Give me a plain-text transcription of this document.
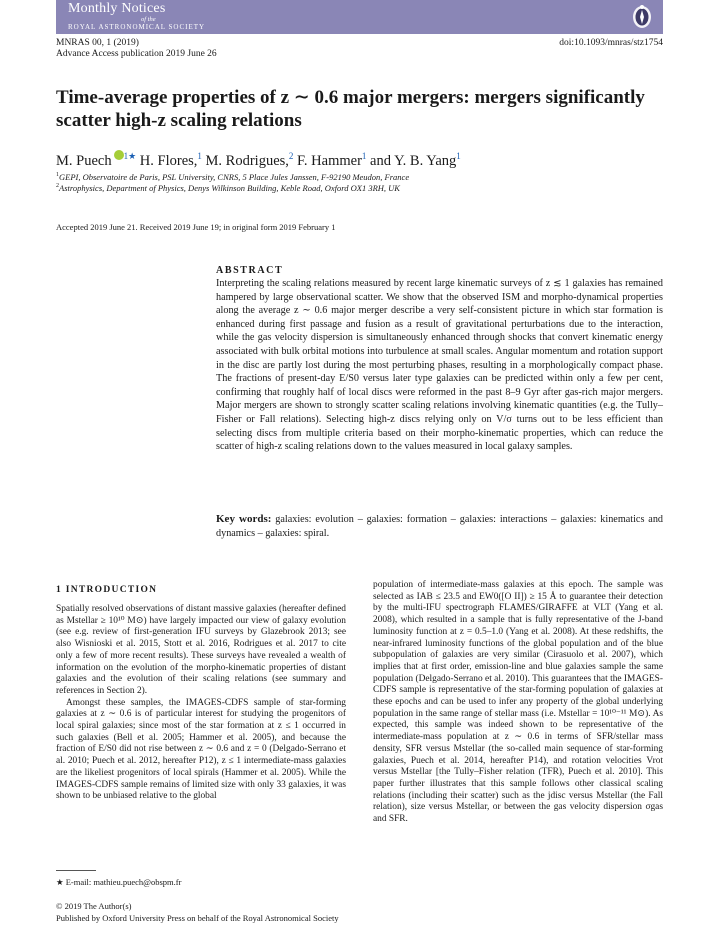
Monthly Notices
of the
ROYAL ASTRONOMICAL SOCIETY
MNRAS 00, 1 (2019)
Advance Access publication 2019 June 26
doi:10.1093/mnras/stz1754
Time-average properties of z ∼ 0.6 major mergers: mergers significantly scatter high-z scaling relations
M. Puech $^{1★}$ H. Flores,$^1$ M. Rodrigues,$^2$ F. Hammer$^1$ and Y. B. Yang$^1$
$^1$GEPI, Observatoire de Paris, PSL University, CNRS, 5 Place Jules Janssen, F-92190 Meudon, France
$^2$Astrophysics, Department of Physics, Denys Wilkinson Building, Keble Road, Oxford OX1 3RH, UK
Accepted 2019 June 21. Received 2019 June 19; in original form 2019 February 1
ABSTRACT

Interpreting the scaling relations measured by recent large kinematic surveys of z ≲ 1 galaxies has remained hampered by large observational scatter. We show that the observed ISM and morpho-dynamical properties along the average z ∼ 0.6 major merger describe a very self-consistent picture in which star formation is enhanced during first passage and fusion as a result of gravitational perturbations due to the interaction, while the gas velocity dispersion is simultaneously enhanced through shocks that convert kinematic energy associated with bulk orbital motions into turbulence at small scales. Angular momentum and rotation support in the disc are partly lost during the most perturbing phases, resulting in a morphologically compact phase. The fractions of present-day E/S0 versus later type galaxies can be predicted within only a few per cent, confirming that roughly half of local discs were reformed in the past 8–9 Gyr after gas-rich major mergers. Major mergers are shown to strongly scatter scaling relations involving kinematic quantities (e.g. the Tully–Fisher or Fall relations). Selecting high-z discs relying only on V/σ turns out to be less efficient than selecting discs from multiple criteria based on their morpho-kinematic properties, which can reduce the scatter of high-z scaling relations down to the values measured in local galaxy samples.

Key words: galaxies: evolution – galaxies: formation – galaxies: interactions – galaxies: kinematics and dynamics – galaxies: spiral.

1 INTRODUCTION

Spatially resolved observations of distant massive galaxies (hereafter defined as Mstellar ≥ 10¹⁰ M⊙) have largely impacted our view of galaxy evolution (see e.g. review of first-generation IFU surveys by Glazebrook 2013; see also Wisnioski et al. 2015, Stott et al. 2016, Rodrigues et al. 2017 to cite only a few of more recent results). These surveys have revealed a wealth of information on the evolution of the morpho-kinematic properties of distant galaxies and the evolution of their scaling relations (see summary and references in Section 2).

Amongst these samples, the IMAGES-CDFS sample of star-forming galaxies at z ∼ 0.6 is of particular interest for studying the progenitors of local spiral galaxies; since most of the star formation at z ≤ 1 occurred in such galaxies (Bell et al. 2005; Hammer et al. 2005), and because the fraction of E/S0 did not rise between z ∼ 0.6 and z = 0 (Delgado-Serrano et al. 2010; Puech et al. 2012, hereafter P12), z ≤ 1 intermediate-mass galaxies are the likeliest progenitors of local spirals (Hammer et al. 2005). While the IMAGES-CDFS sample remains of limited size with only 33 galaxies, it was shown to be unbiased relative to the global

population of intermediate-mass galaxies at this epoch. The sample was selected as IAB ≤ 23.5 and EW0([O II]) ≥ 15 Å to guarantee their detection by the multi-IFU spectrograph FLAMES/GIRAFFE at VLT (Yang et al. 2008), which resulted in a sample that is fully representative of the J-band luminosity function at z = 0.5–1.0 (Yang et al. 2008). At these redshifts, the near-infrared luminosity functions of the global population and of the blue subpopulation of galaxies are very similar (Cirasuolo et al. 2007), which implies that at first order, emission-line and blue galaxies sample the same population (Delgado-Serrano et al. 2010). This guarantees that the IMAGES-CDFS sample is representative of the star-forming population of galaxies at these epochs and can be used to infer any property of the global underlying population in the same range of stellar mass (i.e. Mstellar = 10¹⁰⁻¹¹ M⊙). As expected, this sample was indeed shown to be representative of the intermediate-mass population at z ∼ 0.6 in terms of SFR/stellar mass density, SFR versus Mstellar (the so-called main sequence of star-forming galaxies, Puech et al. 2014, hereafter P14), and rotation velocities Vrot versus Mstellar [the Tully–Fisher relation (TFR), Puech et al. 2010]. This paper further illustrates that this sample follows other classical scaling relations (including their scatter) such as the jdisc versus Mstellar (the Fall relation), size versus Mstellar, or between the gas velocity dispersion σgas and SFR.

★ E-mail: mathieu.puech@obspm.fr
© 2019 The Author(s)
Published by Oxford University Press on behalf of the Royal Astronomical Society
